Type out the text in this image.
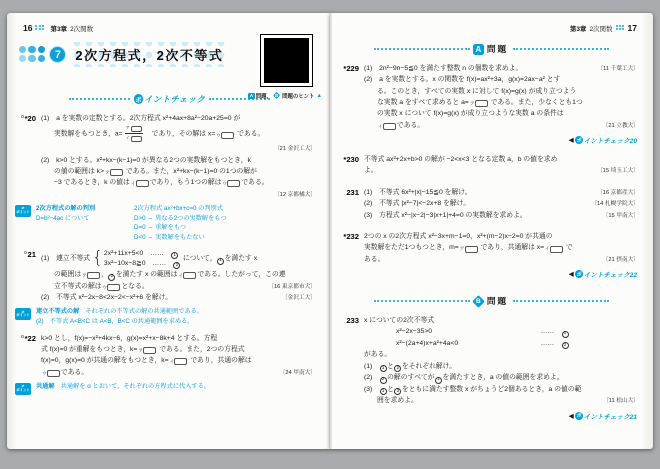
16	第3章 2次関数
7	2次方程式，2次不等式
A 問題， B 問題のヒント ▲
ポ イントチェック
*20 (1)　a を実数の定数とする。2次方程式 x²+4ax+8a²−20a+25=0 が
実数解をもつとき，$a= \frac{\text{ア}}{\text{イ}}$ 　であり，その解は x= ウ である。
〔21 金沢工大〕
(2)　k>0 とする。x²+kx−(k−1)=0 が異なる2つの実数解をもつとき，k
の値の範囲は k> ア である。また，x²+kx−(k−1)=0 の1つの解が
−3 であるとき，k の値は イ であり，もう1つの解は ウ である。
〔12 京都橘大〕
⇄
ポイント 2次方程式の解の判別
D=b²−4ac について
2次方程式 ax²+bx+c=0 の判別式
D>0 ⇔ 異なる2つの実数解をもつ
D=0 ⇔ 重解をもつ
D<0 ⇔ 実数解をもたない
21
(1)　連立不等式 { 2x²+11x+5<0 ……　1
3x²−10x−8≧0 ……　2
について， 1 を満たす x
の範囲は ア ， 2 を満たす x の範囲は イ である。したがって，この連
立不等式の解は ウ となる。	〔16 東京都市大〕
(2)　不等式 x²−2x−8<2x−2<−x²+6 を解け。	〔金沢工大〕
⇄
ポイント 連立不等式の解　 それぞれの不等式の解の共通範囲である。
(2)　不等式 A<B<C は A<B，B<C の共通範囲を求める。
*22 k>0 とし，f(x)=−x²+4kx−6，g(x)=x²+x−8k+4 とする。方程
式 f(x)=0 が重解をもつとき，k= ア である。また，2つの方程式
f(x)=0，g(x)=0 が共通の解をもつとき，k= イ であり，共通の解は
ウ である。	〔24 甲南大〕
⇄
ポイント 共通解　 共通解を α とおいて，それぞれの方程式に代入する。
第3章 2次関数 17
A 問題
*229 (1)　2n²−9n−5≦0 を満たす整数 n の個数を求めよ。	〔11 千葉工大〕
(2)　a を実数とする。x の関数を f(x)=ax²+3a，g(x)=2ax−a² とす
る。このとき，すべての実数 x に対して f(x)=g(x) が成り立つよう
な実数 a をすべて求めると a= ア である。また，少なくとも1つ
の実数 x について f(x)=g(x) が成り立つような実数 a の条件は
イ である。	〔21 立教大〕
◀ ポ イントチェック20
*230 不等式 ax²+2x+b>0 の解が −2<x<3 となる定数 a，b の値を求め
よ。	〔15 埼玉工大〕
231 (1)　不等式 6x²+|x|−15≦0 を解け。	〔16 京都産大〕
(2)　不等式 |x²−7|<−2x+8 を解け。	〔14 札幌学院大〕
(3)　方程式 x²−|x−2|−3|x+1|+4=0 の実数解を求めよ。	〔15 甲南大〕
*232 2つの x の2次方程式 x²−3x+m−1=0，x²+(m−2)x−2=0 が共通の
実数解をただ1つもつとき，m= ア であり，共通解は x= イ で
ある。	〔21 摂南大〕
◀ ポ イントチェック22
B 問題
233 x についての2次不等式
x²−2x−35>0	……　1
x²−(2a+4)x+a²+4a<0	……　2
がある。
(1)　1 と 2 をそれぞれ解け。
(2)　2 の解のすべてが 1 を満たすとき，a の値の範囲を求めよ。
(3)　1 と 2 をともに満たす整数 x がちょうど2個あるとき，a の値の範
囲を求めよ。	〔11 松山大〕
◀ ポ イントチェック21
